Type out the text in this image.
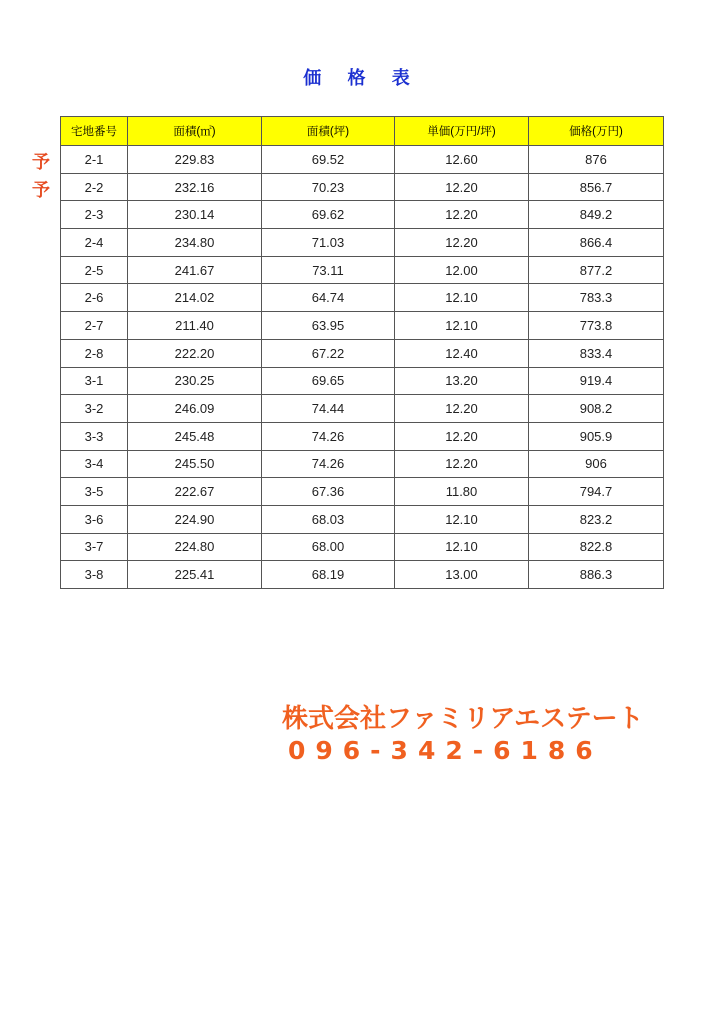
価 格 表
予
予
宅地番号	面積(㎡)	面積(坪)	単価(万円/坪)	価格(万円)
2-1	229.83	69.52	12.60	876
2-2	232.16	70.23	12.20	856.7
2-3	230.14	69.62	12.20	849.2
2-4	234.80	71.03	12.20	866.4
2-5	241.67	73.11	12.00	877.2
2-6	214.02	64.74	12.10	783.3
2-7	211.40	63.95	12.10	773.8
2-8	222.20	67.22	12.40	833.4
3-1	230.25	69.65	13.20	919.4
3-2	246.09	74.44	12.20	908.2
3-3	245.48	74.26	12.20	905.9
3-4	245.50	74.26	12.20	906
3-5	222.67	67.36	11.80	794.7
3-6	224.90	68.03	12.10	823.2
3-7	224.80	68.00	12.10	822.8
3-8	225.41	68.19	13.00	886.3
株式会社ファミリアエステート
096-342-6186
